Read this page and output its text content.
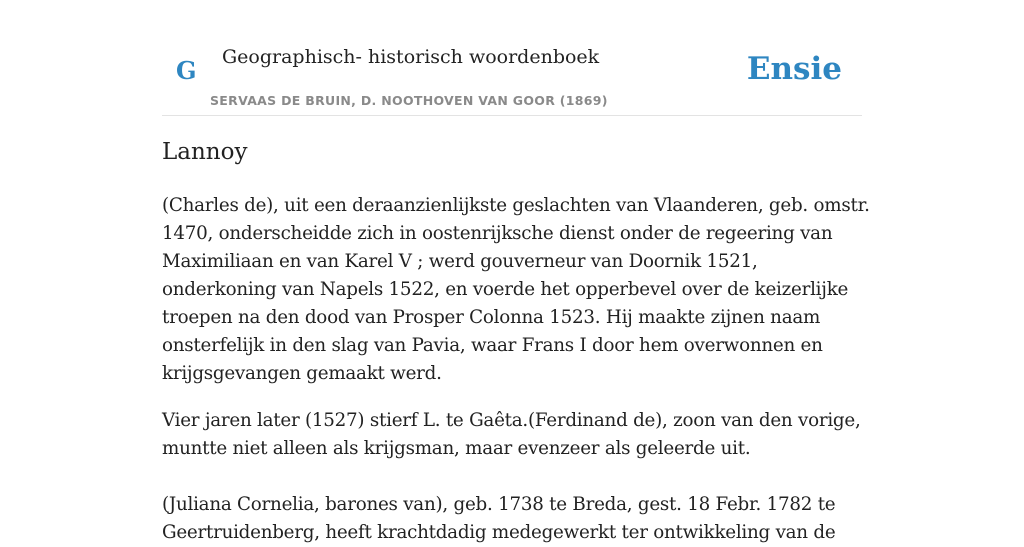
G Geographisch- historisch woordenboek
SERVAAS DE BRUIN, D. NOOTHOVEN VAN GOOR (1869)
Ensie
Lannoy

(Charles de), uit een deraanzienlijkste geslachten van Vlaanderen, geb. omstr. 1470, onderscheidde zich in oostenrijksche dienst onder de regeering van Maximiliaan en van Karel V ; werd gouverneur van Doornik 1521, onderkoning van Napels 1522, en voerde het opperbevel over de keizerlijke troepen na den dood van Prosper Colonna 1523. Hij maakte zijnen naam onsterfelijk in den slag van Pavia, waar Frans I door hem overwonnen en krijgsgevangen gemaakt werd.

Vier jaren later (1527) stierf L. te Gaêta.(Ferdinand de), zoon van den vorige, muntte niet alleen als krijgsman, maar evenzeer als geleerde uit.

(Juliana Cornelia, barones van), geb. 1738 te Breda, gest. 18 Febr. 1782 te Geertruidenberg, heeft krachtdadig medegewerkt ter ontwikkeling van de
